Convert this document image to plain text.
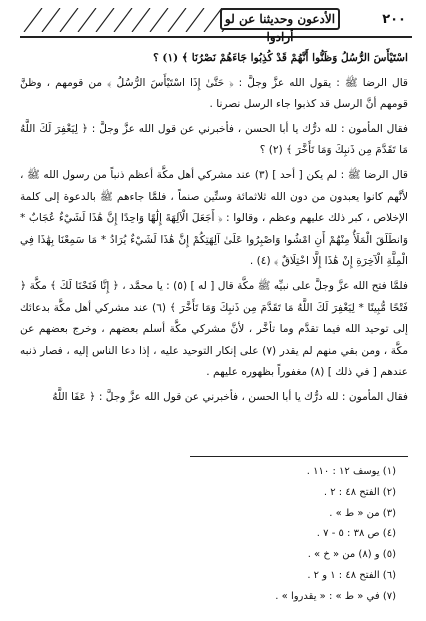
الأدعون وحديثنا عن لو أرادوا
٢٠٠

اسْتَيْأَسَ الرُّسُلُ وَظَنُّوا أَنَّهُمْ قَدْ كُذِبُوا جَاءَهُمْ نَصْرُنَا ﴾ (١) ؟

قال الرضا ﷺ : يقول الله عزَّ وجلَّ : ﴿ حَتَّىٰ إِذَا اسْتَيْأَسَ الرُّسُلُ ﴾ من قومهم ، وظنَّ قومهم أنَّ الرسل قد كذبوا جاء الرسل نصرنا .

فقال المأمون : لله درُّك يا أبا الحسن ، فأخبرني عن قول الله عزَّ وجلَّ : ﴿ لِيَغْفِرَ لَكَ اللَّهُ مَا تَقَدَّمَ مِن ذَنبِكَ وَمَا تَأَخَّرَ ﴾ (٢) ؟

قال الرضا ﷺ : لم يكن [ أحد ] (٣) عند مشركي أهل مكَّة أعظم ذنباً من رسول الله ﷺ ، لأنَّهم كانوا يعبدون من دون الله ثلاثمائة وستِّين صنماً ، فلمَّا جاءهم ﷺ بالدعوة إلى كلمة الإخلاص ، كبر ذلك عليهم وعظم ، وقالوا : ﴿ أَجَعَلَ الْآلِهَةَ إِلَٰهًا وَاحِدًا إِنَّ هَٰذَا لَشَيْءٌ عُجَابٌ * وَانطَلَقَ الْمَلَأُ مِنْهُمْ أَنِ امْشُوا وَاصْبِرُوا عَلَىٰ آلِهَتِكُمْ إِنَّ هَٰذَا لَشَيْءٌ يُرَادُ * مَا سَمِعْنَا بِهَٰذَا فِي الْمِلَّةِ الْآخِرَةِ إِنْ هَٰذَا إِلَّا اخْتِلَاقٌ ﴾ (٤) .

فلمَّا فتح الله عزَّ وجلَّ على نبيِّه ﷺ مكَّة قال [ له ] (٥) : يا محمَّد ، ﴿ إِنَّا فَتَحْنَا لَكَ ﴾ مكَّة ﴿ فَتْحًا مُّبِينًا * لِيَغْفِرَ لَكَ اللَّهُ مَا تَقَدَّمَ مِن ذَنبِكَ وَمَا تَأَخَّرَ ﴾ (٦) عند مشركي أهل مكَّة بدعائك إلى توحيد الله فيما تقدَّم وما تأخَّر ، لأنَّ مشركي مكَّة أسلم بعضهم ، وخرج بعضهم عن مكَّة ، ومن بقي منهم لم يقدر (٧) على إنكار التوحيد عليه ، إذا دعا الناس إليه ، فصار ذنبه عندهم [ في ذلك ] (٨) مغفوراً بظهوره عليهم .

فقال المأمون : لله درُّك يا أبا الحسن ، فأخبرني عن قول الله عزَّ وجلَّ : ﴿ عَفَا اللَّهُ

(١) يوسف ١٢ : ١١٠ .

(٢) الفتح ٤٨ : ٢ .

(٣) من « ط » .

(٤) ص ٣٨ : ٥ - ٧ .

(٥) و (٨) من « خ » .

(٦) الفتح ٤٨ : ١ و ٢ .

(٧) في « ط » : « يقدروا » .
